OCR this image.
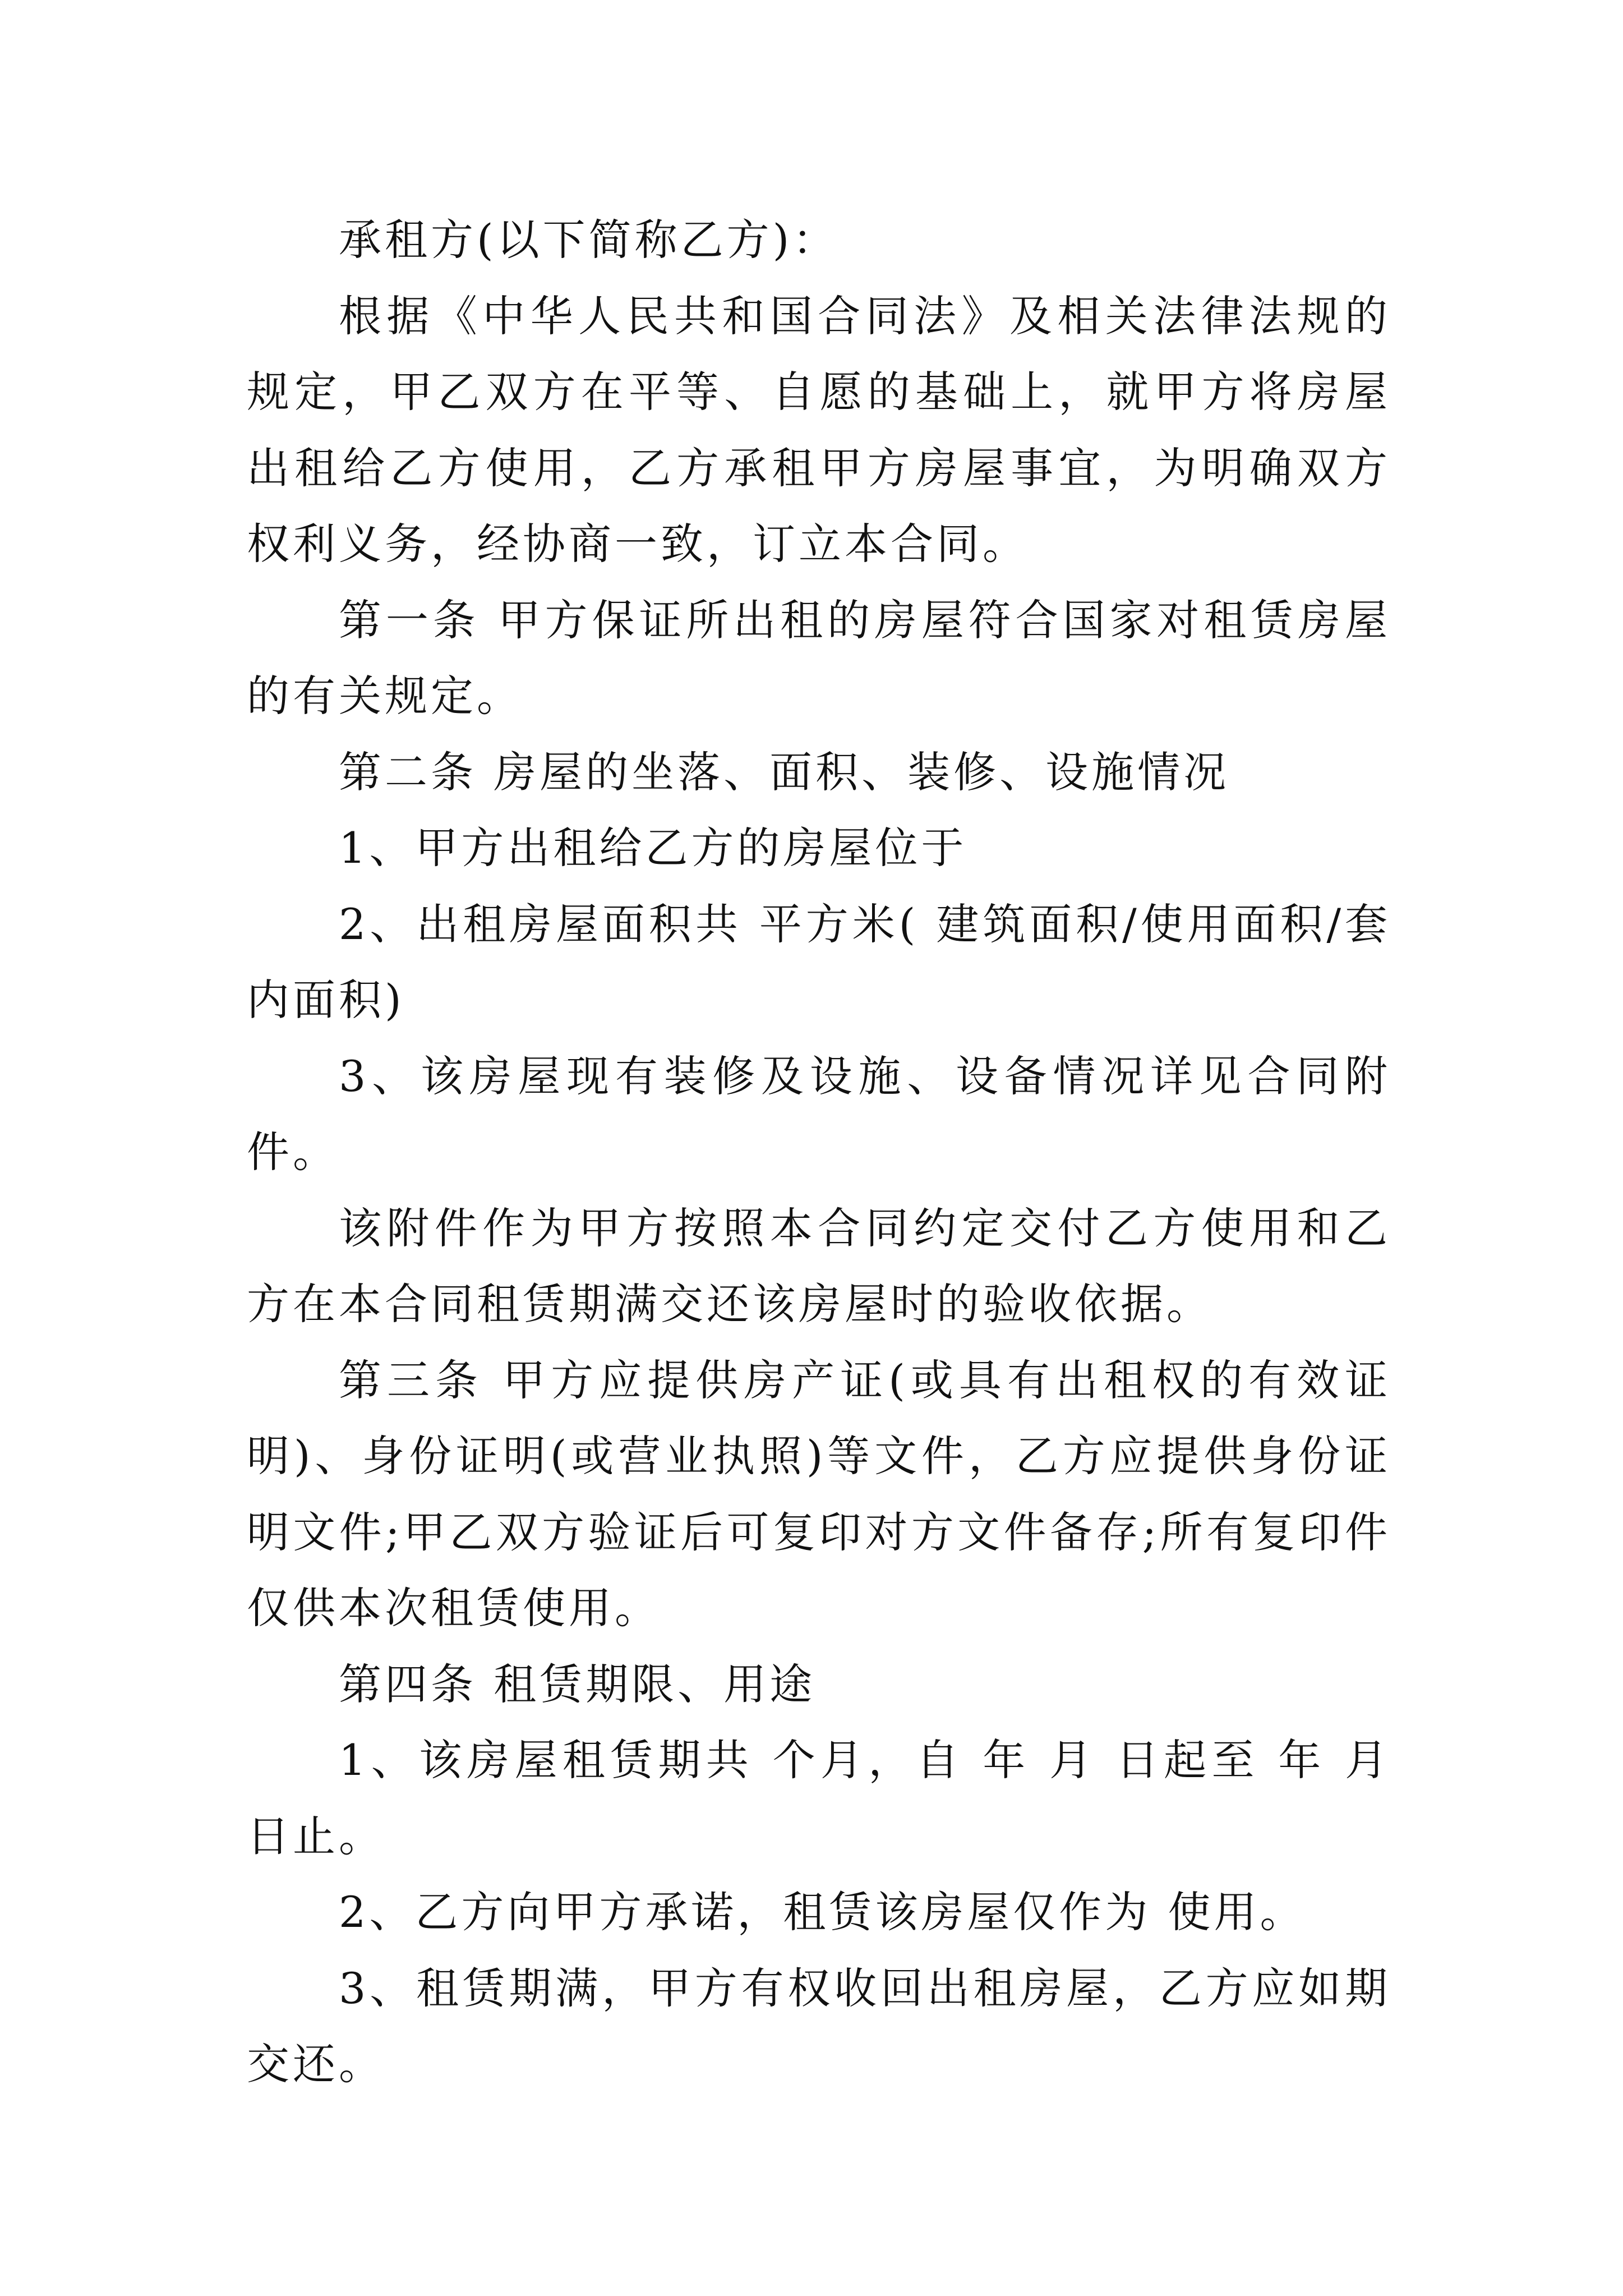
承租方(以下简称乙方)：

根据《中华人民共和国合同法》及相关法律法规的规定，甲乙双方在平等、自愿的基础上，就甲方将房屋出租给乙方使用，乙方承租甲方房屋事宜，为明确双方权利义务，经协商一致，订立本合同。

第一条 甲方保证所出租的房屋符合国家对租赁房屋的有关规定。

第二条 房屋的坐落、面积、装修、设施情况

1、甲方出租给乙方的房屋位于

2、出租房屋面积共 平方米( 建筑面积/使用面积/套内面积)

3、该房屋现有装修及设施、设备情况详见合同附件。

该附件作为甲方按照本合同约定交付乙方使用和乙方在本合同租赁期满交还该房屋时的验收依据。

第三条 甲方应提供房产证(或具有出租权的有效证明)、身份证明(或营业执照)等文件，乙方应提供身份证明文件;甲乙双方验证后可复印对方文件备存;所有复印件仅供本次租赁使用。

第四条 租赁期限、用途

1、该房屋租赁期共 个月，自 年 月 日起至 年 月 日止。

2、乙方向甲方承诺，租赁该房屋仅作为 使用。

3、租赁期满，甲方有权收回出租房屋，乙方应如期交还。
